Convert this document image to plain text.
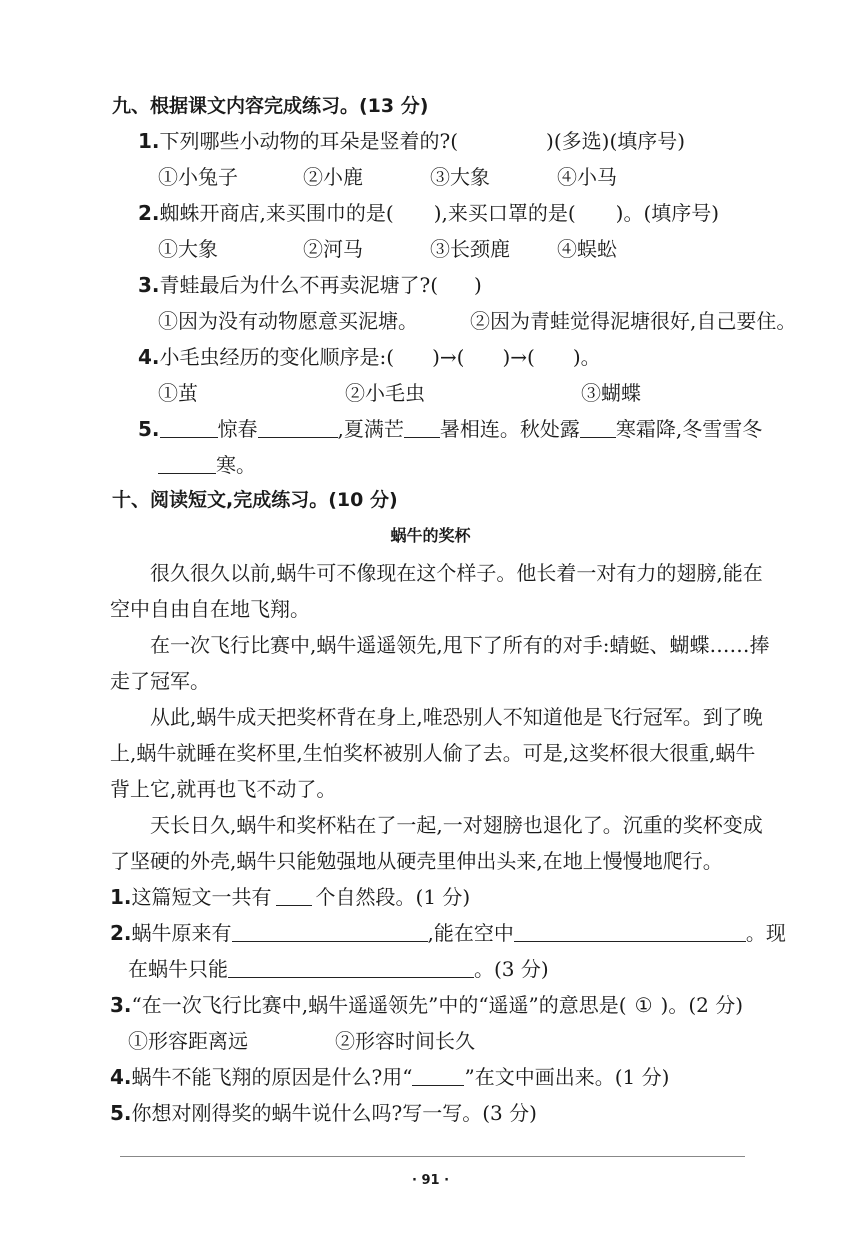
九、根据课文内容完成练习。(13 分)
1.下列哪些小动物的耳朵是竖着的?(	)(多选)(填序号)
①小兔子	②小鹿	③大象	④小马
2.蜘蛛开商店,来买围巾的是( ),来买口罩的是( )。(填序号)
①大象	②河马	③长颈鹿 ④蜈蚣
3.青蛙最后为什么不再卖泥塘了?( )
①因为没有动物愿意买泥塘。	②因为青蛙觉得泥塘很好,自己要住。
4.小毛虫经历的变化顺序是:( )→( )→( )。
①茧	②小毛虫	③蝴蝶
5.	惊春	,夏满芒 暑相连。秋处露 寒霜降,冬雪雪冬
寒。
十、阅读短文,完成练习。(10 分)
蜗牛的奖杯
很久很久以前,蜗牛可不像现在这个样子。他长着一对有力的翅膀,能在
空中自由自在地飞翔。
在一次飞行比赛中,蜗牛遥遥领先,甩下了所有的对手:蜻蜓、蝴蝶……捧
走了冠军。
从此,蜗牛成天把奖杯背在身上,唯恐别人不知道他是飞行冠军。到了晚
上,蜗牛就睡在奖杯里,生怕奖杯被别人偷了去。可是,这奖杯很大很重,蜗牛
背上它,就再也飞不动了。
天长日久,蜗牛和奖杯粘在了一起,一对翅膀也退化了。沉重的奖杯变成
了坚硬的外壳,蜗牛只能勉强地从硬壳里伸出头来,在地上慢慢地爬行。
1.这篇短文一共有 个自然段。(1 分)
2.蜗牛原来有	,能在空中	。现
在蜗牛只能	。(3 分)
3.“在一次飞行比赛中,蜗牛遥遥领先”中的“遥遥”的意思是( ① )。(2 分)
①形容距离远	②形容时间长久
4.蜗牛不能飞翔的原因是什么?用“	”在文中画出来。(1 分)
5.你想对刚得奖的蜗牛说什么吗?写一写。(3 分)
· 91 ·
